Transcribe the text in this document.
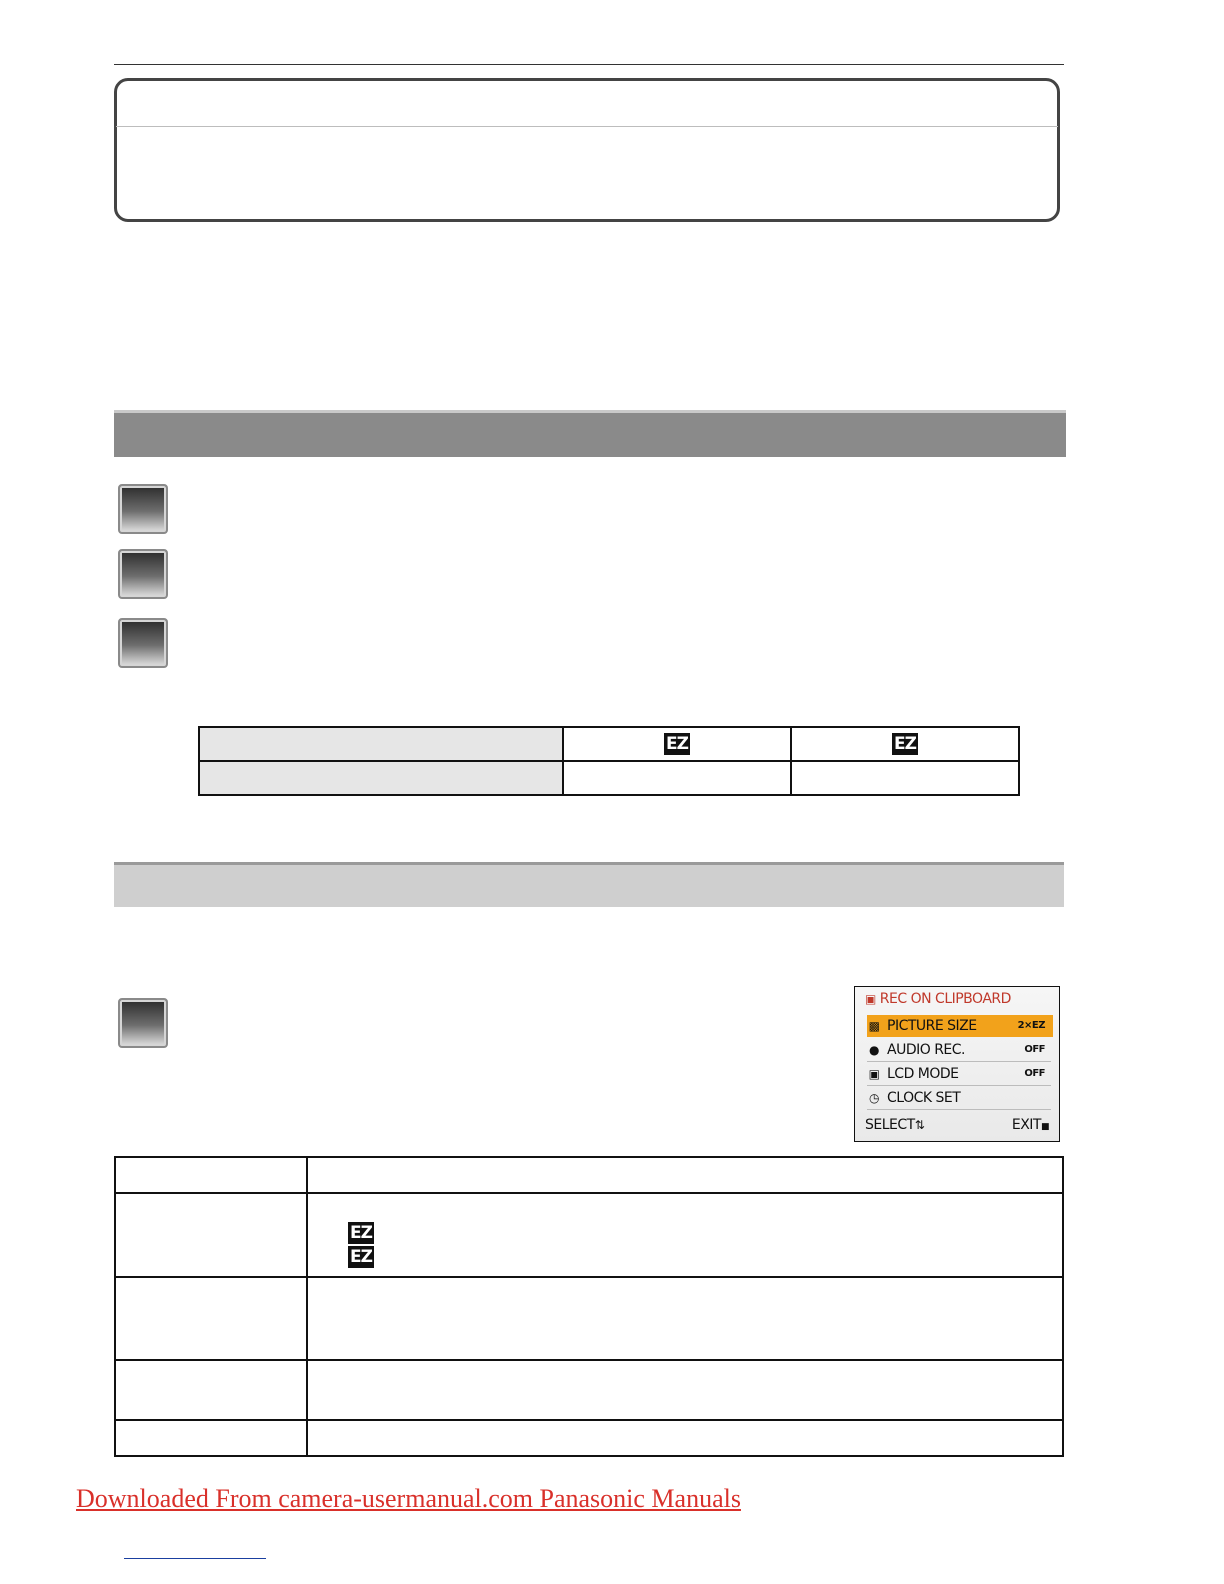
	EZ	EZ

▣ REC ON CLIPBOARD
▩ PICTURE SIZE	2×EZ
● AUDIO REC.	OFF
▣ LCD MODE	OFF
◷ CLOCK SET
SELECT⇅	EXIT■

	EZ
EZ

Downloaded From camera-usermanual.com Panasonic Manuals
